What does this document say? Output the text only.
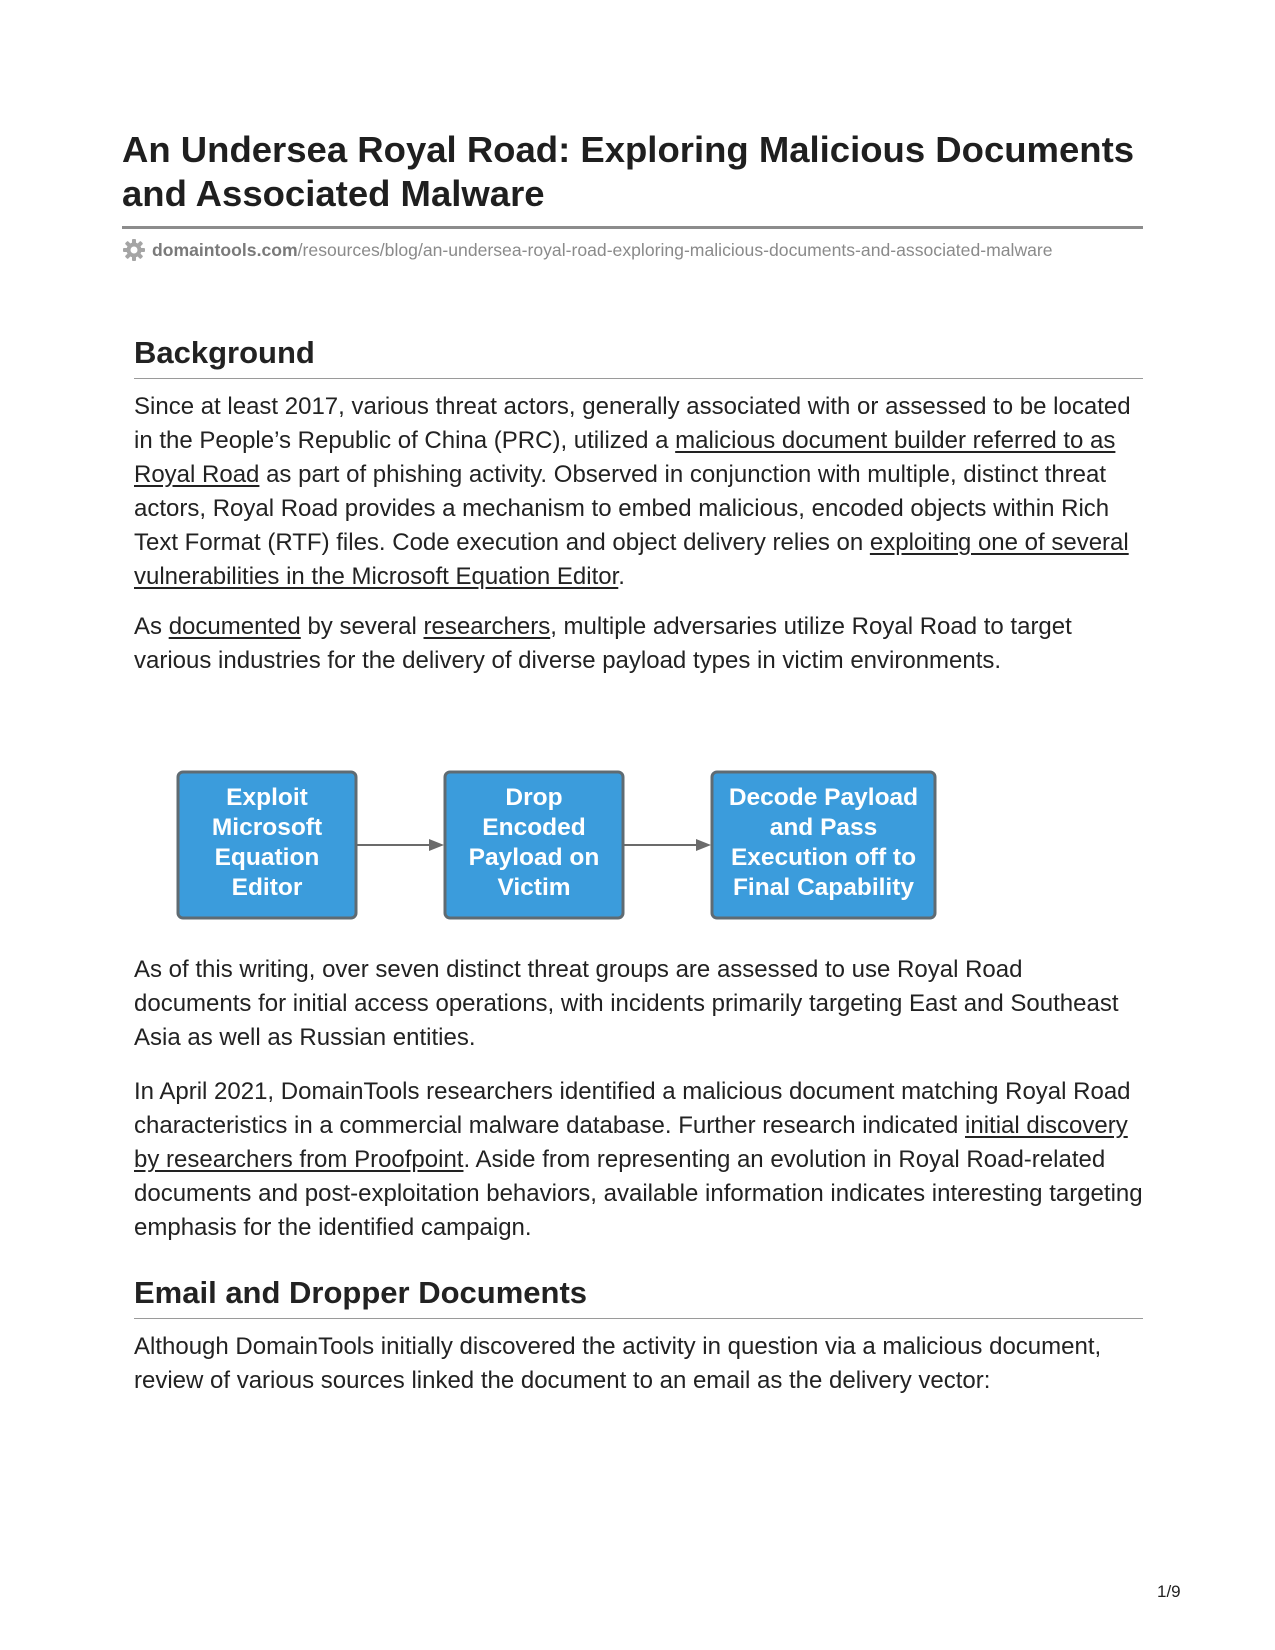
An Undersea Royal Road: Exploring Malicious Documents and Associated Malware
domaintools.com /resources/blog/an-undersea-royal-road-exploring-malicious-documents-and-associated-malware
Background

Since at least 2017, various threat actors, generally associated with or assessed to be located in the People’s Republic of China (PRC), utilized a malicious document builder referred to as Royal Road as part of phishing activity. Observed in conjunction with multiple, distinct threat actors, Royal Road provides a mechanism to embed malicious, encoded objects within Rich Text Format (RTF) files. Code execution and object delivery relies on exploiting one of several vulnerabilities in the Microsoft Equation Editor.

As documented by several researchers, multiple adversaries utilize Royal Road to target various industries for the delivery of diverse payload types in victim environments.

Exploit
Microsoft
Equation
Editor
Drop
Encoded
Payload on
Victim
Decode Payload
and Pass
Execution off to
Final Capability

As of this writing, over seven distinct threat groups are assessed to use Royal Road documents for initial access operations, with incidents primarily targeting East and Southeast Asia as well as Russian entities.

In April 2021, DomainTools researchers identified a malicious document matching Royal Road characteristics in a commercial malware database. Further research indicated initial discovery by researchers from Proofpoint. Aside from representing an evolution in Royal Road-related documents and post-exploitation behaviors, available information indicates interesting targeting emphasis for the identified campaign.

Email and Dropper Documents

Although DomainTools initially discovered the activity in question via a malicious document, review of various sources linked the document to an email as the delivery vector:

1/9
